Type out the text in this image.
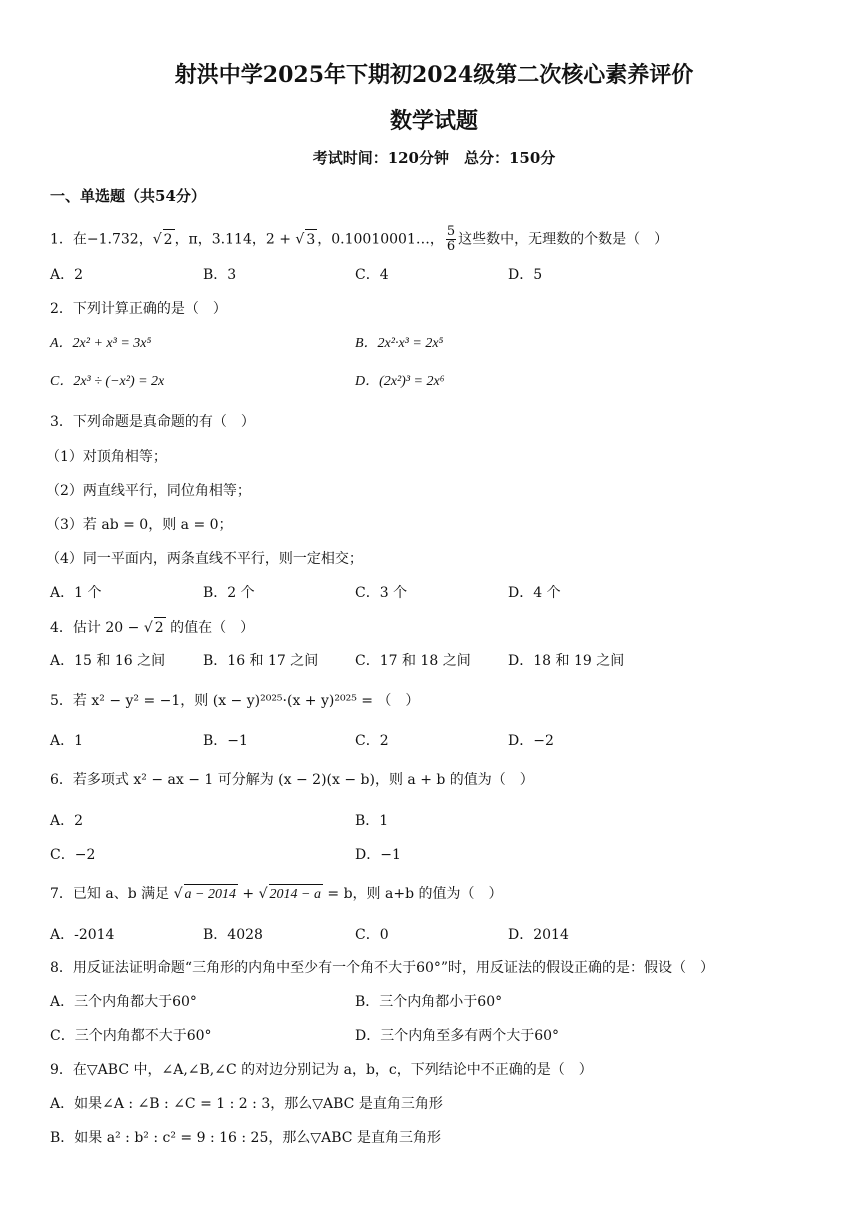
射洪中学2025年下期初2024级第二次核心素养评价
数学试题
考试时间：120分钟　总分：150分
一、单选题（共54分）
1．在−1.732，√ 2 ，π，3.114，2 + √ 3 ，0.10010001…， $\frac{5}{6}$ 这些数中，无理数的个数是（　）
A．2	B．3	C．4	D．5
2．下列计算正确的是（　）
A．2x² + x³ = 3x⁵	B．2x²·x³ = 2x⁵
C．2x³ ÷ (−x²) = 2x	D．(2x²)³ = 2x⁶
3．下列命题是真命题的有（　）
（1）对顶角相等；
（2）两直线平行，同位角相等；
（3）若 ab = 0，则 a = 0；
（4）同一平面内，两条直线不平行，则一定相交；
A．1 个	B．2 个	C．3 个	D．4 个
4．估计 20 − √ 2 的值在（　）
A．15 和 16 之间	B．16 和 17 之间	C．17 和 18 之间	D．18 和 19 之间
5．若 x² − y² = −1，则 (x − y)²⁰²⁵·(x + y)²⁰²⁵ = （　）
A．1	B．−1	C．2	D．−2
6．若多项式 x² − ax − 1 可分解为 (x − 2)(x − b)，则 a + b 的值为（　）
A．2	B．1
C．−2	D．−1
7．已知 a、b 满足 √ a − 2014 + √ 2014 − a = b，则 a+b 的值为（　）
A．-2014	B．4028	C．0	D．2014
8．用反证法证明命题“三角形的内角中至少有一个角不大于60°”时，用反证法的假设正确的是：假设（　）
A．三个内角都大于60°	B．三个内角都小于60°
C．三个内角都不大于60°	D．三个内角至多有两个大于60°
9．在▽ABC 中，∠A,∠B,∠C 的对边分别记为 a，b，c，下列结论中不正确的是（　）
A．如果∠A : ∠B : ∠C = 1 : 2 : 3，那么▽ABC 是直角三角形
B．如果 a² : b² : c² = 9 : 16 : 25，那么▽ABC 是直角三角形
